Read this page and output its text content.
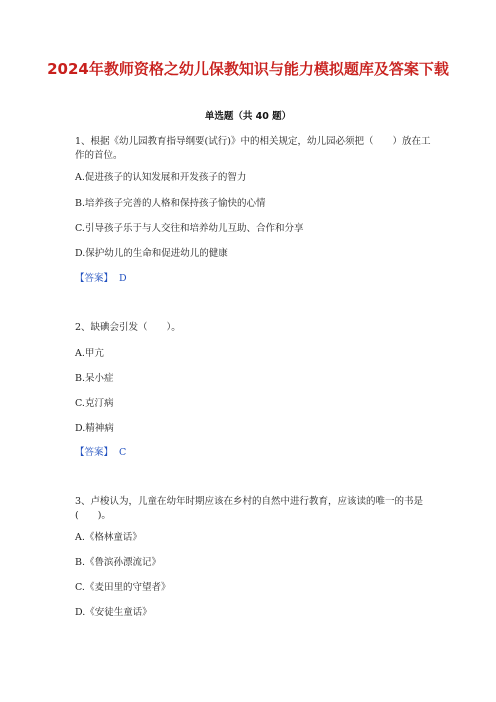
2024年教师资格之幼儿保教知识与能力模拟题库及答案下载
单选题（共 40 题）
1、根据《幼儿园教育指导纲要(试行)》中的相关规定，幼儿园必须把（　　）放在工作的首位。
A.促进孩子的认知发展和开发孩子的智力
B.培养孩子完善的人格和保持孩子愉快的心情
C.引导孩子乐于与人交往和培养幼儿互助、合作和分享
D.保护幼儿的生命和促进幼儿的健康
【答案】 D
2、缺碘会引发（　　）。
A.甲亢
B.呆小症
C.克汀病
D.精神病
【答案】 C
3、卢梭认为，儿童在幼年时期应该在乡村的自然中进行教育，应该读的唯一的书是(　　)。
A.《格林童话》
B.《鲁滨孙漂流记》
C.《麦田里的守望者》
D.《安徒生童话》
